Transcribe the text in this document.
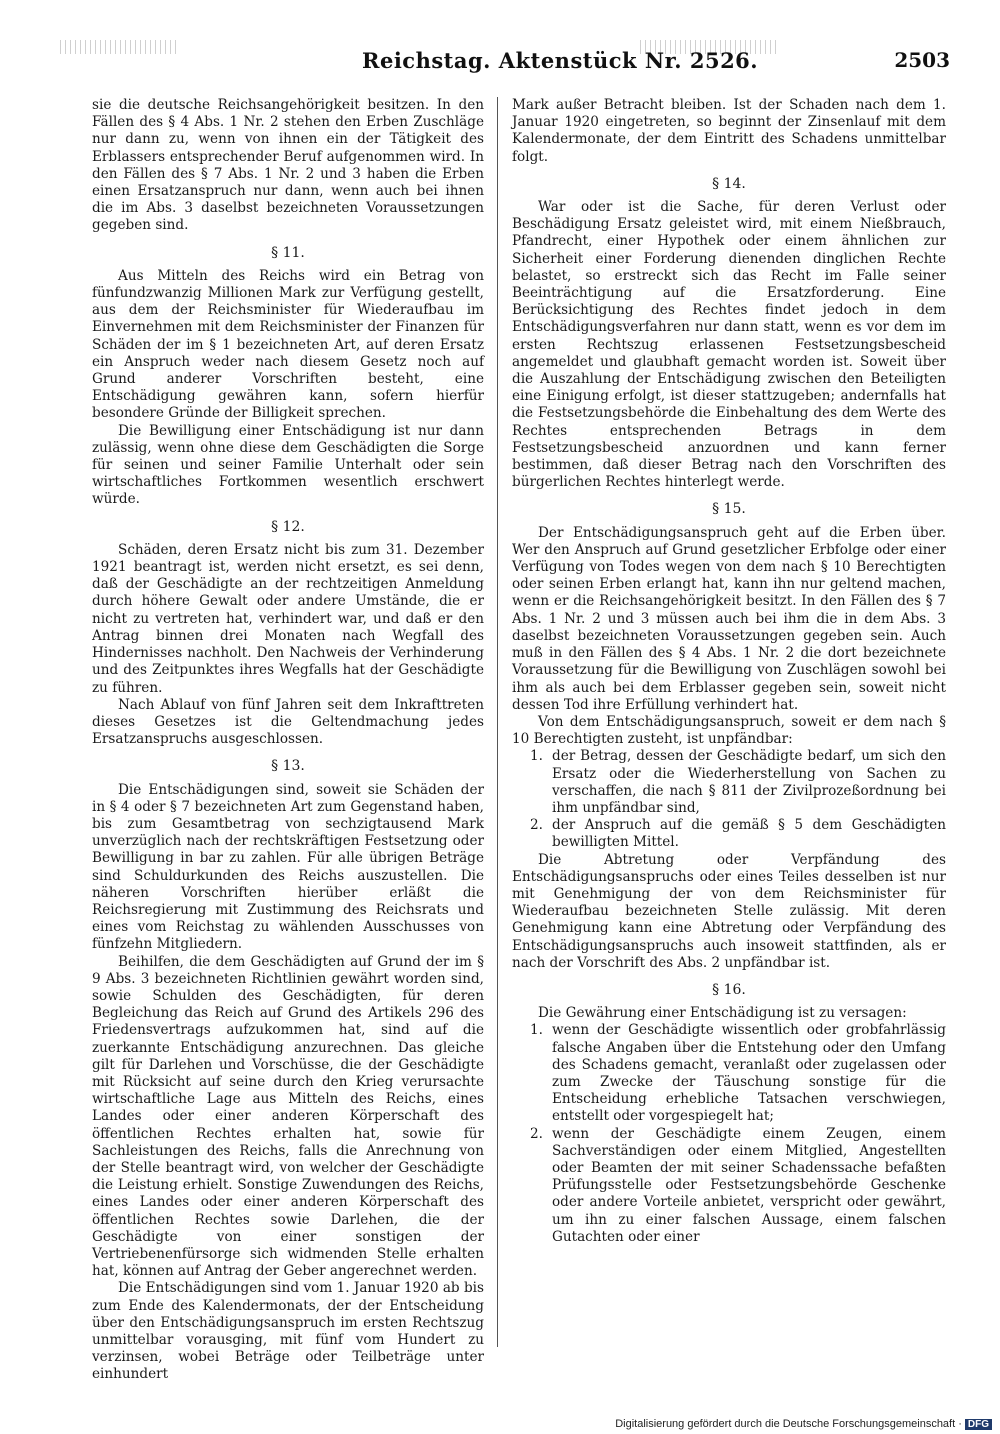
Reichstag. Aktenstück Nr. 2526.	2503

sie die deutsche Reichsangehörigkeit besitzen. In den Fällen des § 4 Abs. 1 Nr. 2 stehen den Erben Zuschläge nur dann zu, wenn von ihnen ein der Tätigkeit des Erblassers entsprechender Beruf aufgenommen wird. In den Fällen des § 7 Abs. 1 Nr. 2 und 3 haben die Erben einen Ersatzanspruch nur dann, wenn auch bei ihnen die im Abs. 3 daselbst bezeichneten Voraussetzungen gegeben sind.

§ 11.

Aus Mitteln des Reichs wird ein Betrag von fünfundzwanzig Millionen Mark zur Verfügung gestellt, aus dem der Reichsminister für Wiederaufbau im Einvernehmen mit dem Reichsminister der Finanzen für Schäden der im § 1 bezeichneten Art, auf deren Ersatz ein Anspruch weder nach diesem Gesetz noch auf Grund anderer Vorschriften besteht, eine Entschädigung gewähren kann, sofern hierfür besondere Gründe der Billigkeit sprechen.

Die Bewilligung einer Entschädigung ist nur dann zulässig, wenn ohne diese dem Geschädigten die Sorge für seinen und seiner Familie Unterhalt oder sein wirtschaftliches Fortkommen wesentlich erschwert würde.

§ 12.

Schäden, deren Ersatz nicht bis zum 31. Dezember 1921 beantragt ist, werden nicht ersetzt, es sei denn, daß der Geschädigte an der rechtzeitigen Anmeldung durch höhere Gewalt oder andere Umstände, die er nicht zu vertreten hat, verhindert war, und daß er den Antrag binnen drei Monaten nach Wegfall des Hindernisses nachholt. Den Nachweis der Verhinderung und des Zeitpunktes ihres Wegfalls hat der Geschädigte zu führen.

Nach Ablauf von fünf Jahren seit dem Inkrafttreten dieses Gesetzes ist die Geltendmachung jedes Ersatzanspruchs ausgeschlossen.

§ 13.

Die Entschädigungen sind, soweit sie Schäden der in § 4 oder § 7 bezeichneten Art zum Gegenstand haben, bis zum Gesamtbetrag von sechzigtausend Mark unverzüglich nach der rechtskräftigen Festsetzung oder Bewilligung in bar zu zahlen. Für alle übrigen Beträge sind Schuldurkunden des Reichs auszustellen. Die näheren Vorschriften hierüber erläßt die Reichsregierung mit Zustimmung des Reichsrats und eines vom Reichstag zu wählenden Ausschusses von fünfzehn Mitgliedern.

Beihilfen, die dem Geschädigten auf Grund der im § 9 Abs. 3 bezeichneten Richtlinien gewährt worden sind, sowie Schulden des Geschädigten, für deren Begleichung das Reich auf Grund des Artikels 296 des Friedensvertrags aufzukommen hat, sind auf die zuerkannte Entschädigung anzurechnen. Das gleiche gilt für Darlehen und Vorschüsse, die der Geschädigte mit Rücksicht auf seine durch den Krieg verursachte wirtschaftliche Lage aus Mitteln des Reichs, eines Landes oder einer anderen Körperschaft des öffentlichen Rechtes erhalten hat, sowie für Sachleistungen des Reichs, falls die Anrechnung von der Stelle beantragt wird, von welcher der Geschädigte die Leistung erhielt. Sonstige Zuwendungen des Reichs, eines Landes oder einer anderen Körperschaft des öffentlichen Rechtes sowie Darlehen, die der Geschädigte von einer sonstigen der Vertriebenenfürsorge sich widmenden Stelle erhalten hat, können auf Antrag der Geber angerechnet werden.

Die Entschädigungen sind vom 1. Januar 1920 ab bis zum Ende des Kalendermonats, der der Entscheidung über den Entschädigungsanspruch im ersten Rechtszug unmittelbar vorausging, mit fünf vom Hundert zu verzinsen, wobei Beträge oder Teilbeträge unter einhundert

Mark außer Betracht bleiben. Ist der Schaden nach dem 1. Januar 1920 eingetreten, so beginnt der Zinsenlauf mit dem Kalendermonate, der dem Eintritt des Schadens unmittelbar folgt.

§ 14.

War oder ist die Sache, für deren Verlust oder Beschädigung Ersatz geleistet wird, mit einem Nießbrauch, Pfandrecht, einer Hypothek oder einem ähnlichen zur Sicherheit einer Forderung dienenden dinglichen Rechte belastet, so erstreckt sich das Recht im Falle seiner Beeinträchtigung auf die Ersatzforderung. Eine Berücksichtigung des Rechtes findet jedoch in dem Entschädigungsverfahren nur dann statt, wenn es vor dem im ersten Rechtszug erlassenen Festsetzungsbescheid angemeldet und glaubhaft gemacht worden ist. Soweit über die Auszahlung der Entschädigung zwischen den Beteiligten eine Einigung erfolgt, ist dieser stattzugeben; andernfalls hat die Festsetzungsbehörde die Einbehaltung des dem Werte des Rechtes entsprechenden Betrags in dem Festsetzungsbescheid anzuordnen und kann ferner bestimmen, daß dieser Betrag nach den Vorschriften des bürgerlichen Rechtes hinterlegt werde.

§ 15.

Der Entschädigungsanspruch geht auf die Erben über. Wer den Anspruch auf Grund gesetzlicher Erbfolge oder einer Verfügung von Todes wegen von dem nach § 10 Berechtigten oder seinen Erben erlangt hat, kann ihn nur geltend machen, wenn er die Reichsangehörigkeit besitzt. In den Fällen des § 7 Abs. 1 Nr. 2 und 3 müssen auch bei ihm die in dem Abs. 3 daselbst bezeichneten Voraussetzungen gegeben sein. Auch muß in den Fällen des § 4 Abs. 1 Nr. 2 die dort bezeichnete Voraussetzung für die Bewilligung von Zuschlägen sowohl bei ihm als auch bei dem Erblasser gegeben sein, soweit nicht dessen Tod ihre Erfüllung verhindert hat.

Von dem Entschädigungsanspruch, soweit er dem nach § 10 Berechtigten zusteht, ist unpfändbar:

1. der Betrag, dessen der Geschädigte bedarf, um sich den Ersatz oder die Wiederherstellung von Sachen zu verschaffen, die nach § 811 der Zivilprozeßordnung bei ihm unpfändbar sind,
2. der Anspruch auf die gemäß § 5 dem Geschädigten bewilligten Mittel.

Die Abtretung oder Verpfändung des Entschädigungsanspruchs oder eines Teiles desselben ist nur mit Genehmigung der von dem Reichsminister für Wiederaufbau bezeichneten Stelle zulässig. Mit deren Genehmigung kann eine Abtretung oder Verpfändung des Entschädigungsanspruchs auch insoweit stattfinden, als er nach der Vorschrift des Abs. 2 unpfändbar ist.

§ 16.

Die Gewährung einer Entschädigung ist zu versagen:

1. wenn der Geschädigte wissentlich oder grobfahrlässig falsche Angaben über die Entstehung oder den Umfang des Schadens gemacht, veranlaßt oder zugelassen oder zum Zwecke der Täuschung sonstige für die Entscheidung erhebliche Tatsachen verschwiegen, entstellt oder vorgespiegelt hat;
2. wenn der Geschädigte einem Zeugen, einem Sachverständigen oder einem Mitglied, Angestellten oder Beamten der mit seiner Schadenssache befaßten Prüfungsstelle oder Festsetzungsbehörde Geschenke oder andere Vorteile anbietet, verspricht oder gewährt, um ihn zu einer falschen Aussage, einem falschen Gutachten oder einer
Digitalisierung gefördert durch die Deutsche Forschungsgemeinschaft · DFG
